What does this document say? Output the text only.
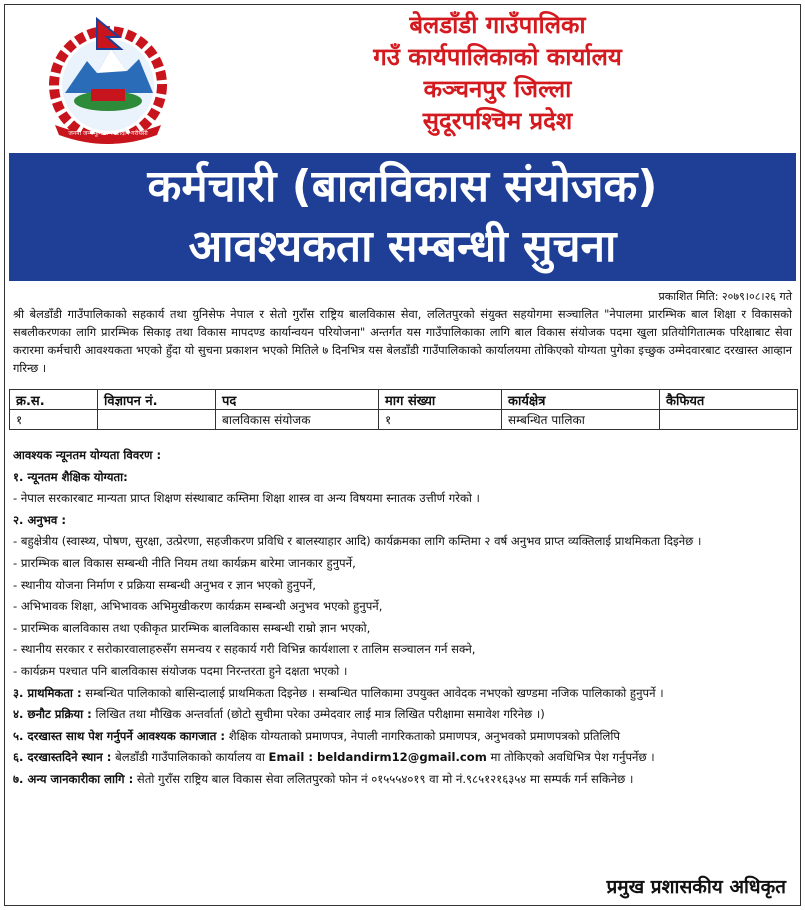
जननी जन्मभूमिश्च स्वर्गादपि गरीयसी
बेलडाँडी गाउँपालिका
गउँ कार्यपालिकाको कार्यालय
कञ्चनपुर जिल्ला
सुदूरपश्चिम प्रदेश
कर्मचारी (बालविकास संयोजक)
आवश्यकता सम्बन्धी सुचना
प्रकाशित मिति: २०७९।०८।२६ गते
श्री बेलडाँडी गाउँपालिकाको सहकार्य तथा युनिसेफ नेपाल र सेतो गुराँस राष्ट्रिय बालविकास सेवा, ललितपुरको संयुक्त सहयोगमा सञ्चालित "नेपालमा प्रारम्भिक बाल शिक्षा र विकासको सबलीकरणका लागि प्रारम्भिक सिकाइ तथा विकास मापदण्ड कार्यान्वयन परियोजना" अन्तर्गत यस गाउँपालिकाका लागि बाल विकास संयोजक पदमा खुला प्रतियोगितात्मक परिक्षाबाट सेवा करारमा कर्मचारी आवश्यकता भएको हुँदा यो सुचना प्रकाशन भएको मितिले ७ दिनभित्र यस बेलडाँडी गाउँपालिकाको कार्यालयमा तोकिएको योग्यता पुगेका इच्छुक उम्मेदवारबाट दरखास्त आव्हान गरिन्छ ।
क्र.स.	विज्ञापन नं.	पद	माग संख्या	कार्यक्षेत्र	कैफियत
१		बालविकास संयोजक	१	सम्बन्धित पालिका	

आवश्यक न्यूनतम योग्यता विवरण :

१. न्यूनतम शैक्षिक योग्यता:

- नेपाल सरकारबाट मान्यता प्राप्त शिक्षण संस्थाबाट कम्तिमा शिक्षा शास्त्र वा अन्य विषयमा स्नातक उत्तीर्ण गरेको ।

२. अनुभव :

- बहुक्षेत्रीय (स्वास्थ्य, पोषण, सुरक्षा, उत्प्रेरणा, सहजीकरण प्रविधि र बालस्याहार आदि) कार्यक्रमका लागि कम्तिमा २ वर्ष अनुभव प्राप्त व्यक्तिलाई प्राथमिकता दिइनेछ ।

- प्रारम्भिक बाल विकास सम्बन्धी नीति नियम तथा कार्यक्रम बारेमा जानकार हुनुपर्ने,

- स्थानीय योजना निर्माण र प्रक्रिया सम्बन्धी अनुभव र ज्ञान भएको हुनुपर्ने,

- अभिभावक शिक्षा, अभिभावक अभिमुखीकरण कार्यक्रम सम्बन्धी अनुभव भएको हुनुपर्ने,

- प्रारम्भिक बालविकास तथा एकीकृत प्रारम्भिक बालविकास सम्बन्धी राम्रो ज्ञान भएको,

- स्थानीय सरकार र सरोकारवालाहरुसँग समन्वय र सहकार्य गरी विभिन्न कार्यशाला र तालिम सञ्चालन गर्न सक्ने,

- कार्यक्रम पश्चात पनि बालविकास संयोजक पदमा निरन्तरता हुने दक्षता भएको ।

३. प्राथमिकता : सम्बन्धित पालिकाको बासिन्दालाई प्राथमिकता दिइनेछ । सम्बन्धित पालिकामा उपयुक्त आवेदक नभएको खण्डमा नजिक पालिकाको हुनुपर्ने ।

४. छनौट प्रक्रिया : लिखित तथा मौखिक अन्तर्वार्ता (छोटो सुचीमा परेका उम्मेदवार लाई मात्र लिखित परीक्षामा समावेश गरिनेछ ।)

५. दरखास्त साथ पेश गर्नुपर्ने आवश्यक कागजात : शैक्षिक योग्यताको प्रमाणपत्र, नेपाली नागरिकताको प्रमाणपत्र, अनुभवको प्रमाणपत्रको प्रतिलिपि

६. दरखास्तदिने स्थान : बेलडाँडी गाउँपालिकाको कार्यालय वा Email : beldandirm12@gmail.com मा तोकिएको अवधिभित्र पेश गर्नुपर्नेछ ।

७. अन्य जानकारीका लागि : सेतो गुराँस राष्ट्रिय बाल विकास सेवा ललितपुरको फोन नं ०१५५५४०१९ वा मो नं.९८५१२१६३५४ मा सम्पर्क गर्न सकिनेछ ।

प्रमुख प्रशासकीय अधिकृत
